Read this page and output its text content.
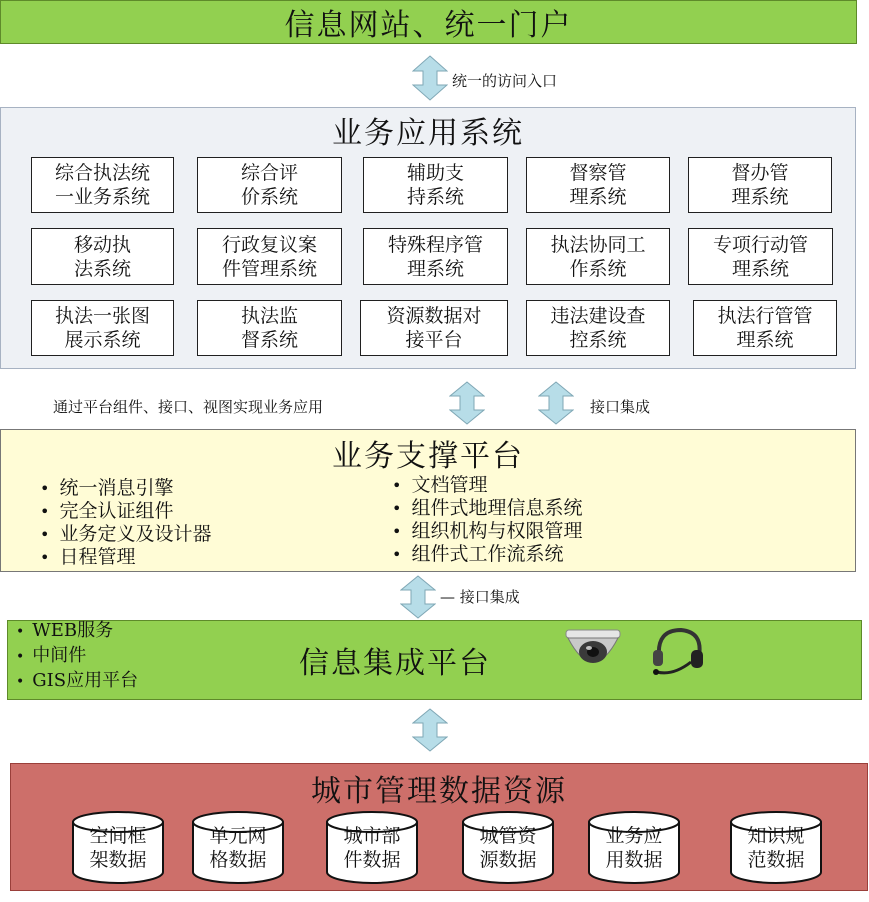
信息网站、统一门户
统一的访问入口
业务应用系统
综合执法统
一业务系统
综合评
价系统
辅助支
持系统
督察管
理系统
督办管
理系统
移动执
法系统
行政复议案
件管理系统
特殊程序管
理系统
执法协同工
作系统
专项行动管
理系统
执法一张图
展示系统
执法监
督系统
资源数据对
接平台
违法建设查
控系统
执法行管管
理系统
通过平台组件、接口、视图实现业务应用	接口集成
业务支撑平台
• 统一消息引擎
• 完全认证组件
• 业务定义及设计器
• 日程管理
• 文档管理
• 组件式地理信息系统
• 组织机构与权限管理
• 组件式工作流系统
— 接口集成
• WEB服务
• 中间件
• GIS应用平台	信息集成平台
城市管理数据资源
空间框
架数据
单元网
格数据
城市部
件数据
城管资
源数据
业务应
用数据
知识规
范数据
